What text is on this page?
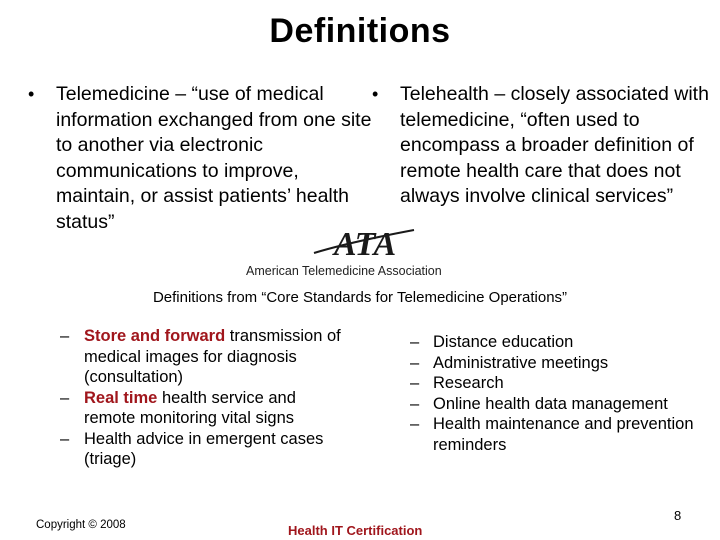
Definitions
• Telemedicine – “use of medical information exchanged from one site to another via electronic communications to improve, maintain, or assist patients’ health status”
• Telehealth – closely associated with telemedicine, “often used to encompass a broader definition of remote health care that does not always involve clinical services”
ATA
American Telemedicine Association
Definitions from “Core Standards for Telemedicine Operations”
– Store and forward transmission of medical images for diagnosis (consultation)
– Real time health service and remote monitoring vital signs
– Health advice in emergent cases (triage)
– Distance education
– Administrative meetings
– Research
– Online health data management
– Health maintenance and prevention reminders
Copyright © 2008	Health IT Certification
8
